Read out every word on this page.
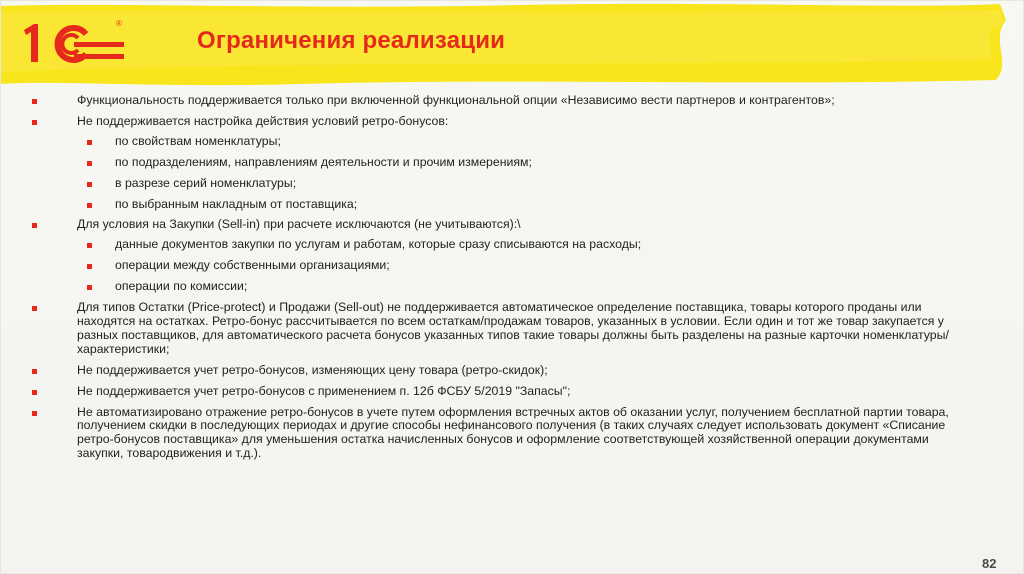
®
Ограничения реализации
Функциональность поддерживается только при включенной функциональной опции «Независимо вести партнеров и контрагентов»;
Не поддерживается настройка действия условий ретро-бонусов:
по свойствам номенклатуры;
по подразделениям, направлениям деятельности и прочим измерениям;
в разрезе серий номенклатуры;
по выбранным накладным от поставщика;
Для условия на Закупки (Sell-in) при расчете исключаются (не учитываются):\
данные документов закупки по услугам и работам, которые сразу списываются на расходы;
операции между собственными организациями;
операции по комиссии;
Для типов Остатки (Price-protect) и Продажи (Sell-out) не поддерживается автоматическое определение поставщика, товары которого проданы или находятся на остатках. Ретро-бонус рассчитывается по всем остаткам/продажам товаров, указанных в условии. Если один и тот же товар закупается у разных поставщиков, для автоматического расчета бонусов указанных типов такие товары должны быть разделены на разные карточки номенклатуры/характеристики;
Не поддерживается учет ретро-бонусов, изменяющих цену товара (ретро-скидок);
Не поддерживается учет ретро-бонусов с применением п. 12б ФСБУ 5/2019 "Запасы";
Не автоматизировано отражение ретро-бонусов в учете путем оформления встречных актов об оказании услуг, получением бесплатной партии товара, получением скидки в последующих периодах и другие способы нефинансового получения (в таких случаях следует использовать документ «Списание ретро-бонусов поставщика» для уменьшения остатка начисленных бонусов и оформление соответствующей хозяйственной операции документами закупки, товародвижения и т.д.).
82
